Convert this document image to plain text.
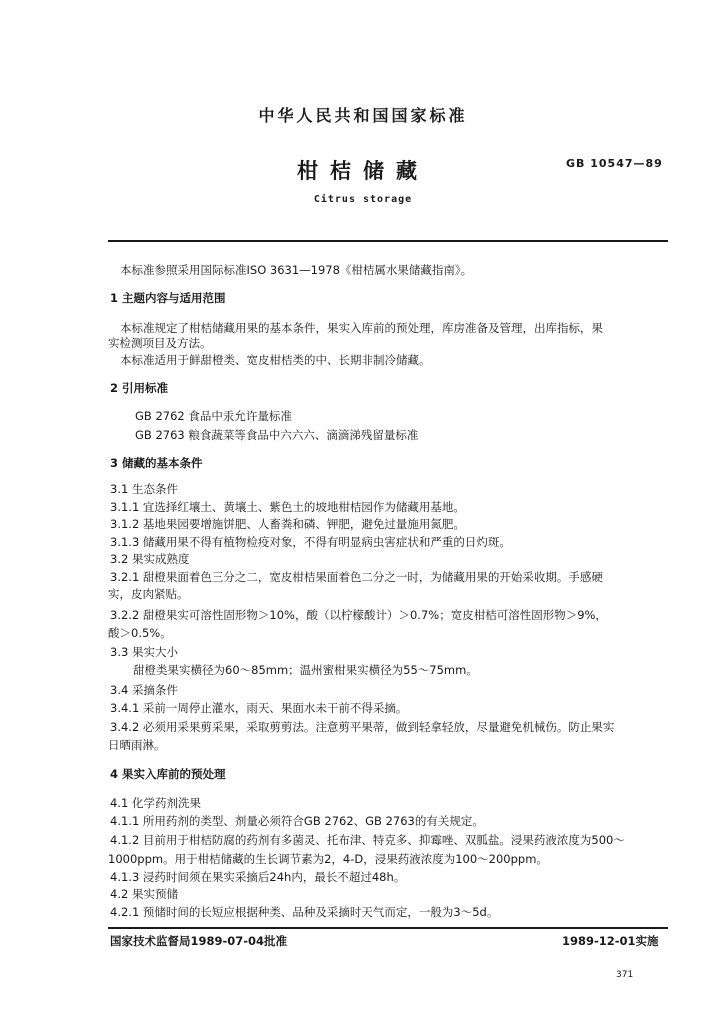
中华人民共和国国家标准
柑桔储藏	GB 10547—89
Citrus storage
本标准参照采用国际标准ISO 3631—1978《柑桔属水果储藏指南》。
1 主题内容与适用范围
本标准规定了柑桔储藏用果的基本条件，果实入库前的预处理，库房准备及管理，出库指标，果
实检测项目及方法。
本标准适用于鲜甜橙类、宽皮柑桔类的中、长期非制冷储藏。
2 引用标准
GB 2762 食品中汞允许量标准
GB 2763 粮食蔬菜等食品中六六六、滴滴涕残留量标准
3 储藏的基本条件
3.1 生态条件
3.1.1 宜选择红壤土、黄壤土、紫色土的坡地柑桔园作为储藏用基地。
3.1.2 基地果园要增施饼肥、人畜粪和磷、钾肥，避免过量施用氮肥。
3.1.3 储藏用果不得有植物检疫对象，不得有明显病虫害症状和严重的日灼斑。
3.2 果实成熟度
3.2.1 甜橙果面着色三分之二，宽皮柑桔果面着色二分之一时，为储藏用果的开始采收期。手感硬
实，皮肉紧贴。
3.2.2 甜橙果实可溶性固形物＞10%，酸（以柠檬酸计）＞0.7%；宽皮柑桔可溶性固形物＞9%，
酸＞0.5%。
3.3 果实大小
甜橙类果实横径为60～85mm；温州蜜柑果实横径为55～75mm。
3.4 采摘条件
3.4.1 采前一周停止灌水，雨天、果面水未干前不得采摘。
3.4.2 必须用采果剪采果，采取剪剪法。注意剪平果蒂，做到轻拿轻放，尽量避免机械伤。防止果实
日晒雨淋。
4 果实入库前的预处理
4.1 化学药剂洗果
4.1.1 所用药剂的类型、剂量必须符合GB 2762、GB 2763的有关规定。
4.1.2 目前用于柑桔防腐的药剂有多菌灵、托布津、特克多、抑霉唑、双胍盐。浸果药液浓度为500～
1000ppm。用于柑桔储藏的生长调节素为2，4-D，浸果药液浓度为100～200ppm。
4.1.3 浸药时间须在果实采摘后24h内，最长不超过48h。
4.2 果实预储
4.2.1 预储时间的长短应根据种类、品种及采摘时天气而定，一般为3～5d。
国家技术监督局1989-07-04批准	1989-12-01实施
371
